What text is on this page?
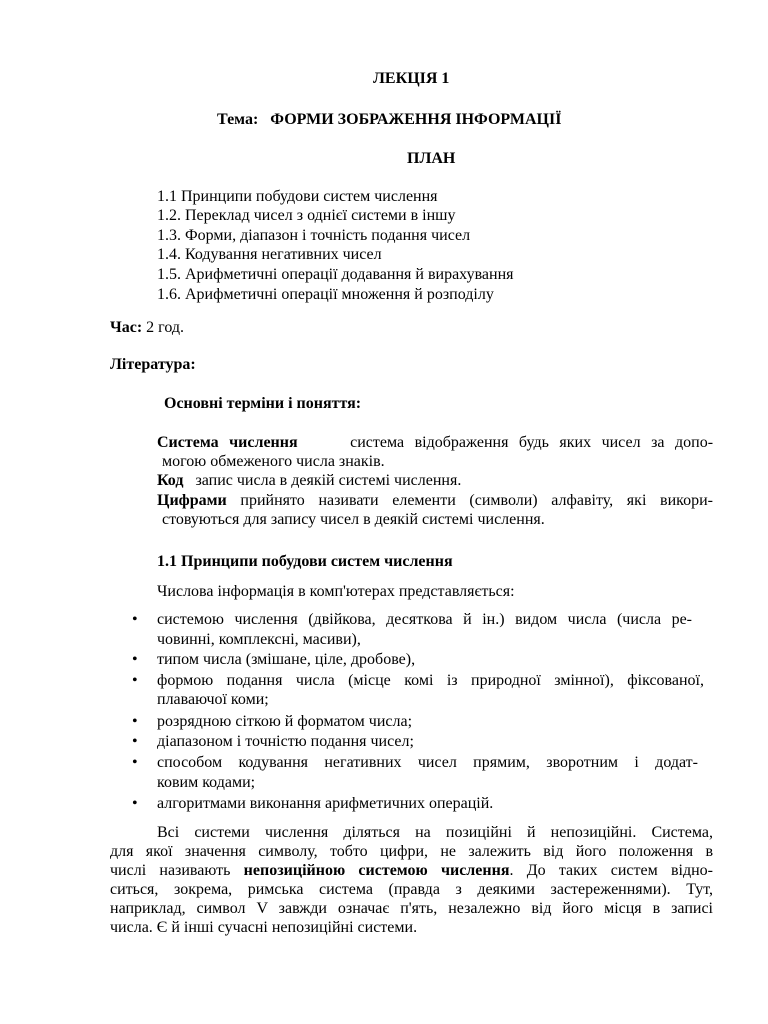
ЛЕКЦІЯ 1
Тема: ФОРМИ ЗОБРАЖЕННЯ ІНФОРМАЦІЇ
ПЛАН
1.1 Принципи побудови систем числення
1.2. Переклад чисел з однієї системи в іншу
1.3. Форми, діапазон і точність подання чисел
1.4. Кодування негативних чисел
1.5. Арифметичні операції додавання й вирахування
1.6. Арифметичні операції множення й розподілу
Час: 2 год.
Література:
Основні терміни і поняття:
Система числення	система відображення будь яких чисел за допо-
могою обмеженого числа знаків.
Код запис числа в деякій системі числення.
Цифрами прийнято називати елементи (символи) алфавіту, які викори-
стовуються для запису чисел в деякій системі числення.
1.1 Принципи побудови систем числення
Числова інформація в комп'ютерах представляється:
• системою числення (двійкова, десяткова й ін.) видом числа (числа ре-
човинні, комплексні, масиви),
• типом числа (змішане, ціле, дробове),
• формою подання числа (місце комі із природної змінної), фіксованої,
плаваючої коми;
• розрядною сіткою й форматом числа;
• діапазоном і точністю подання чисел;
• способом кодування негативних чисел прямим, зворотним і додат-
ковим кодами;
• алгоритмами виконання арифметичних операцій.
Всі системи числення діляться на позиційні й непозиційні. Система,
для якої значення символу, тобто цифри, не залежить від його положення в
числі називають непозиційною системою числення. До таких систем відно-
ситься, зокрема, римська система (правда з деякими застереженнями). Тут,
наприклад, символ V завжди означає п'ять, незалежно від його місця в записі
числа. Є й інші сучасні непозиційні системи.
